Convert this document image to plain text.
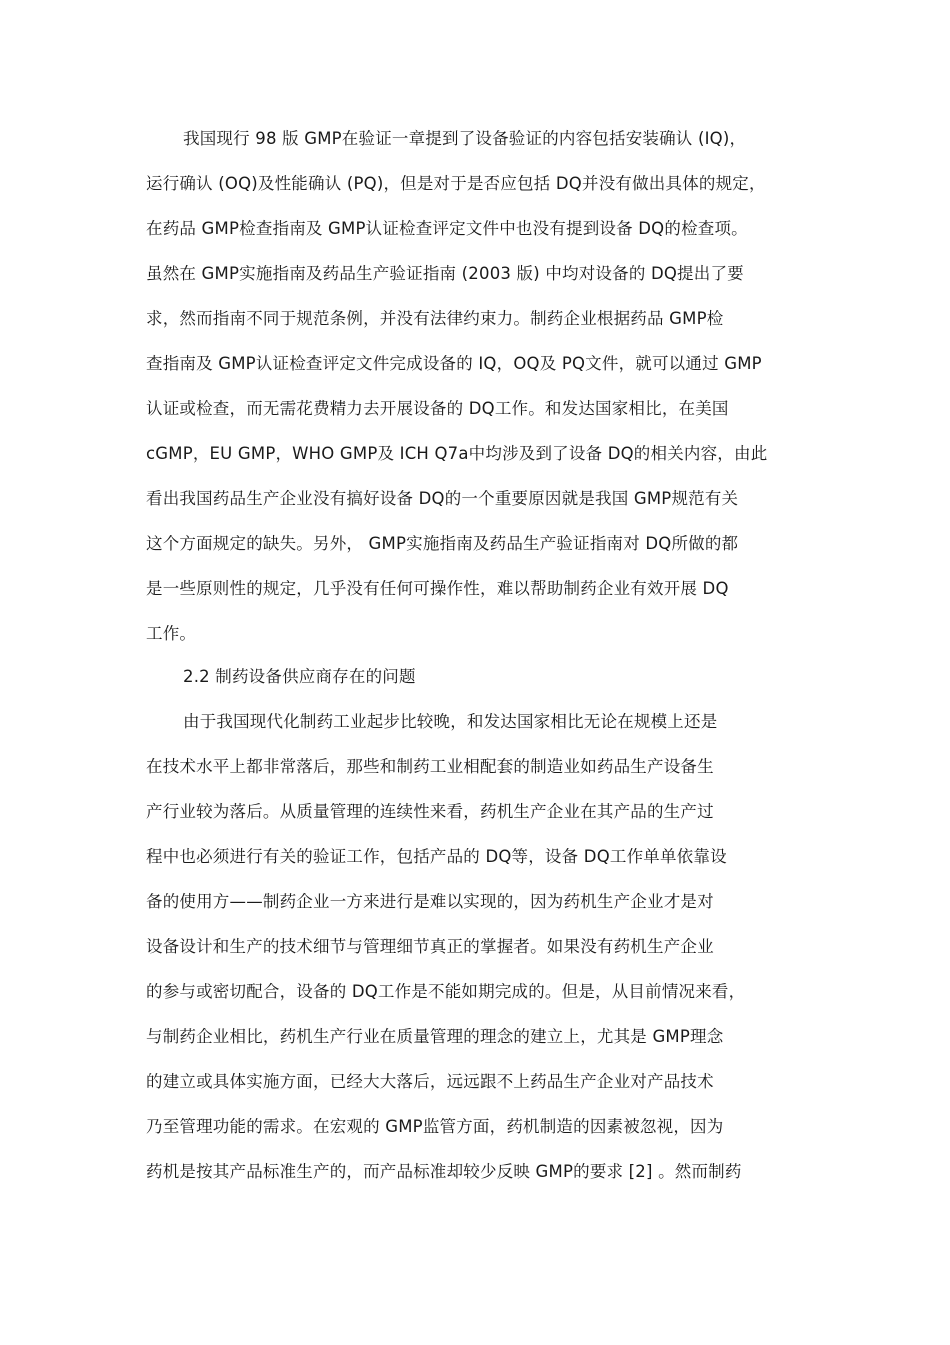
我国现行 98 版 GMP在验证一章提到了设备验证的内容包括安装确认 (IQ)，
运行确认 (OQ)及性能确认 (PQ)，但是对于是否应包括 DQ并没有做出具体的规定，
在药品 GMP检查指南及 GMP认证检查评定文件中也没有提到设备 DQ的检查项。
虽然在 GMP实施指南及药品生产验证指南 (2003 版) 中均对设备的 DQ提出了要
求，然而指南不同于规范条例，并没有法律约束力。制药企业根据药品 GMP检
查指南及 GMP认证检查评定文件完成设备的 IQ，OQ及 PQ文件，就可以通过 GMP
认证或检查，而无需花费精力去开展设备的 DQ工作。和发达国家相比，在美国
cGMP，EU GMP，WHO GMP及 ICH Q7a中均涉及到了设备 DQ的相关内容，由此
看出我国药品生产企业没有搞好设备 DQ的一个重要原因就是我国 GMP规范有关
这个方面规定的缺失。另外， GMP实施指南及药品生产验证指南对 DQ所做的都
是一些原则性的规定，几乎没有任何可操作性，难以帮助制药企业有效开展 DQ
工作。
2.2 制药设备供应商存在的问题
由于我国现代化制药工业起步比较晚，和发达国家相比无论在规模上还是
在技术水平上都非常落后，那些和制药工业相配套的制造业如药品生产设备生
产行业较为落后。从质量管理的连续性来看，药机生产企业在其产品的生产过
程中也必须进行有关的验证工作，包括产品的 DQ等，设备 DQ工作单单依靠设
备的使用方——制药企业一方来进行是难以实现的，因为药机生产企业才是对
设备设计和生产的技术细节与管理细节真正的掌握者。如果没有药机生产企业
的参与或密切配合，设备的 DQ工作是不能如期完成的。但是，从目前情况来看，
与制药企业相比，药机生产行业在质量管理的理念的建立上，尤其是 GMP理念
的建立或具体实施方面，已经大大落后，远远跟不上药品生产企业对产品技术
乃至管理功能的需求。在宏观的 GMP监管方面，药机制造的因素被忽视，因为
药机是按其产品标准生产的，而产品标准却较少反映 GMP的要求 [2] 。然而制药
